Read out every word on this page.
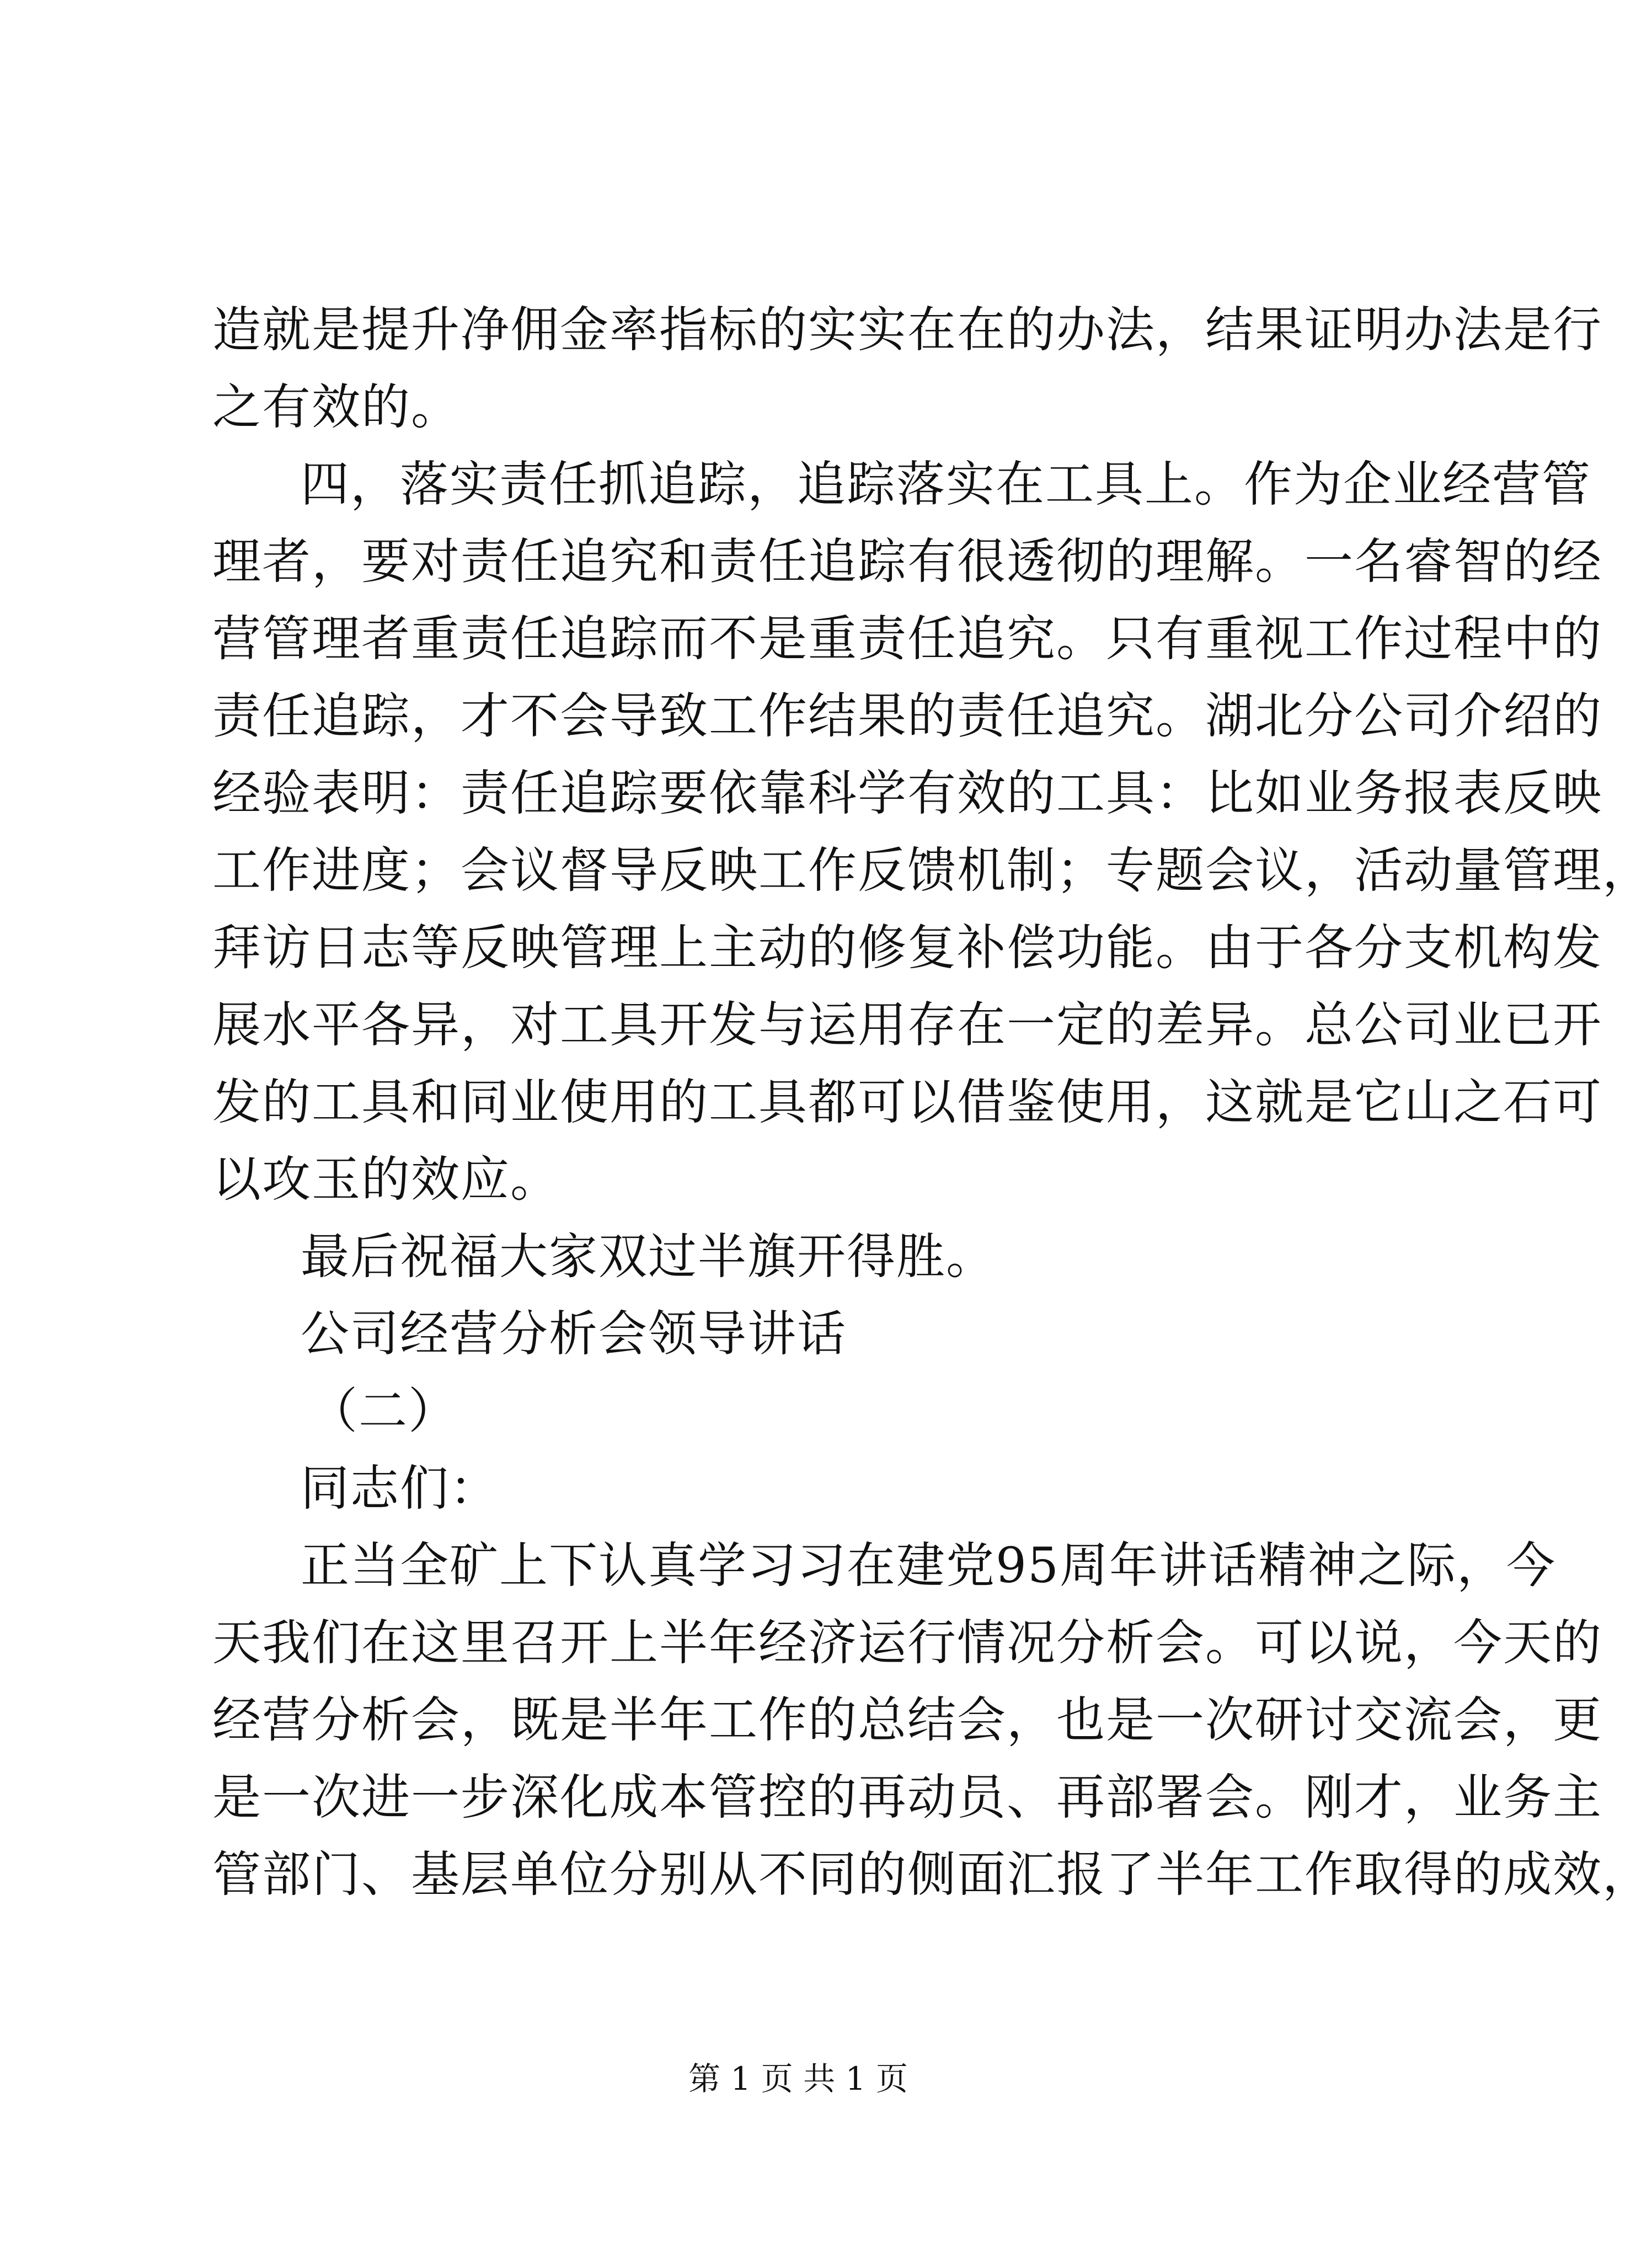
造就是提升净佣金率指标的实实在在的办法，结果证明办法是行
之有效的。
四，落实责任抓追踪，追踪落实在工具上。作为企业经营管
理者，要对责任追究和责任追踪有很透彻的理解。一名睿智的经
营管理者重责任追踪而不是重责任追究。只有重视工作过程中的
责任追踪，才不会导致工作结果的责任追究。湖北分公司介绍的
经验表明：责任追踪要依靠科学有效的工具：比如业务报表反映
工作进度；会议督导反映工作反馈机制；专题会议，活动量管理，
拜访日志等反映管理上主动的修复补偿功能。由于各分支机构发
展水平各异，对工具开发与运用存在一定的差异。总公司业已开
发的工具和同业使用的工具都可以借鉴使用，这就是它山之石可
以攻玉的效应。
最后祝福大家双过半旗开得胜。
公司经营分析会领导讲话
（二）
同志们：
正当全矿上下认真学习习在建党95周年讲话精神之际，今
天我们在这里召开上半年经济运行情况分析会。可以说，今天的
经营分析会，既是半年工作的总结会，也是一次研讨交流会，更
是一次进一步深化成本管控的再动员、再部署会。刚才，业务主
管部门、基层单位分别从不同的侧面汇报了半年工作取得的成效，
第 1 页 共 1 页
